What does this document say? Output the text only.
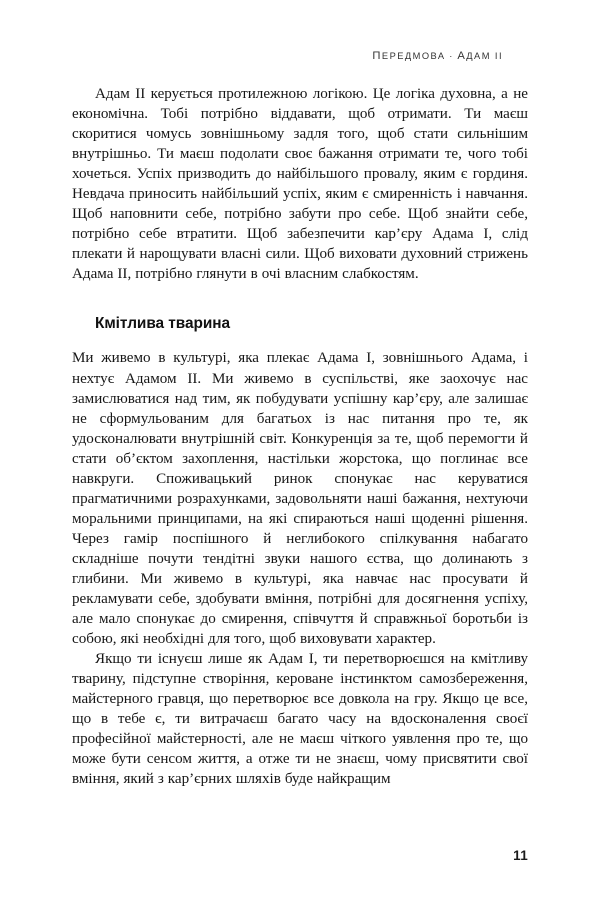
ПЕРЕДМОВА · АДАМ II

Адам II керується протилежною логікою. Це логіка духовна, а не економічна. Тобі потрібно віддавати, щоб отримати. Ти маєш скоритися чомусь зовнішньому задля того, щоб стати сильнішим внутрішньо. Ти маєш подолати своє бажання отримати те, чого тобі хочеться. Успіх призводить до найбільшого провалу, яким є гординя. Невдача приносить найбільший успіх, яким є смиренність і навчання. Щоб наповнити себе, потрібно забути про себе. Щоб знайти себе, потрібно себе втратити. Щоб забезпечити кар’єру Адама I, слід плекати й нарощувати власні сили. Щоб виховати духовний стрижень Адама II, потрібно глянути в очі власним слабкостям.

Кмітлива тварина

Ми живемо в культурі, яка плекає Адама I, зовнішнього Адама, і нехтує Адамом II. Ми живемо в суспільстві, яке заохочує нас замислюватися над тим, як побудувати успішну кар’єру, але залишає не сформульованим для багатьох із нас питання про те, як удосконалювати внутрішній світ. Конкуренція за те, щоб перемогти й стати об’єктом захоплення, настільки жорстока, що поглинає все навкруги. Споживацький ринок спонукає нас керуватися прагматичними розрахунками, задовольняти наші бажання, нехтуючи моральними принципами, на які спираються наші щоденні рішення. Через гамір поспішного й неглибокого спілкування набагато складніше почути тендітні звуки нашого єства, що долинають з глибини. Ми живемо в культурі, яка навчає нас просувати й рекламувати себе, здобувати вміння, потрібні для досягнення успіху, але мало спонукає до смирення, співчуття й справжньої боротьби із собою, які необхідні для того, щоб виховувати характер.

Якщо ти існуєш лише як Адам I, ти перетворюєшся на кмітливу тварину, підступне створіння, кероване інстинктом самозбереження, майстерного гравця, що перетворює все довкола на гру. Якщо це все, що в тебе є, ти витрачаєш багато часу на вдосконалення своєї професійної майстерності, але не маєш чіткого уявлення про те, що може бути сенсом життя, а отже ти не знаєш, чому присвятити свої вміння, який з кар’єрних шляхів буде найкращим

11
